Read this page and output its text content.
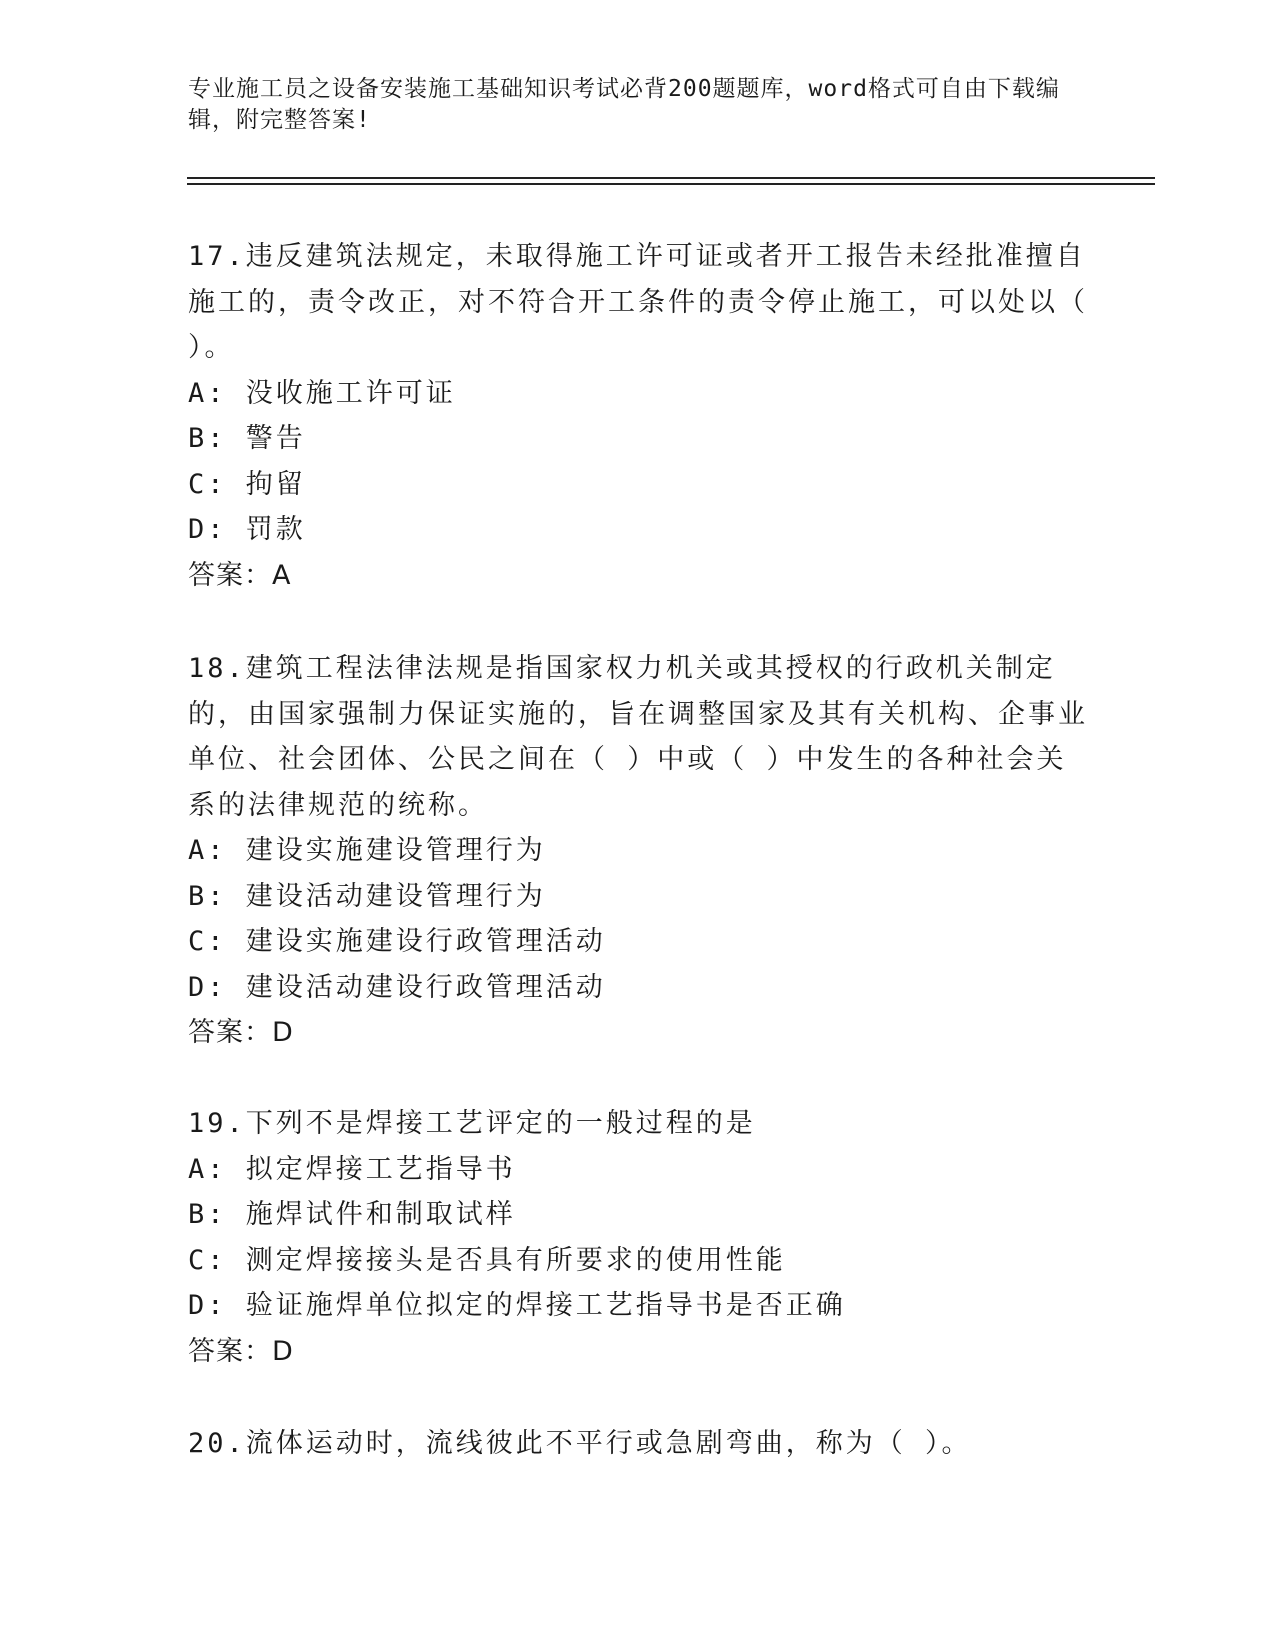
专业施工员之设备安装施工基础知识考试必背200题题库，word格式可自由下载编辑，附完整答案!
17.违反建筑法规定，未取得施工许可证或者开工报告未经批准擅自施工的，责令改正，对不符合开工条件的责令停止施工，可以处以（ ）。
A: 没收施工许可证
B: 警告
C: 拘留
D: 罚款
答案：A
18.建筑工程法律法规是指国家权力机关或其授权的行政机关制定的，由国家强制力保证实施的，旨在调整国家及其有关机构、企事业单位、社会团体、公民之间在（ ）中或（ ）中发生的各种社会关系的法律规范的统称。
A: 建设实施建设管理行为
B: 建设活动建设管理行为
C: 建设实施建设行政管理活动
D: 建设活动建设行政管理活动
答案：D
19.下列不是焊接工艺评定的一般过程的是
A: 拟定焊接工艺指导书
B: 施焊试件和制取试样
C: 测定焊接接头是否具有所要求的使用性能
D: 验证施焊单位拟定的焊接工艺指导书是否正确
答案：D
20.流体运动时，流线彼此不平行或急剧弯曲，称为（ ）。
